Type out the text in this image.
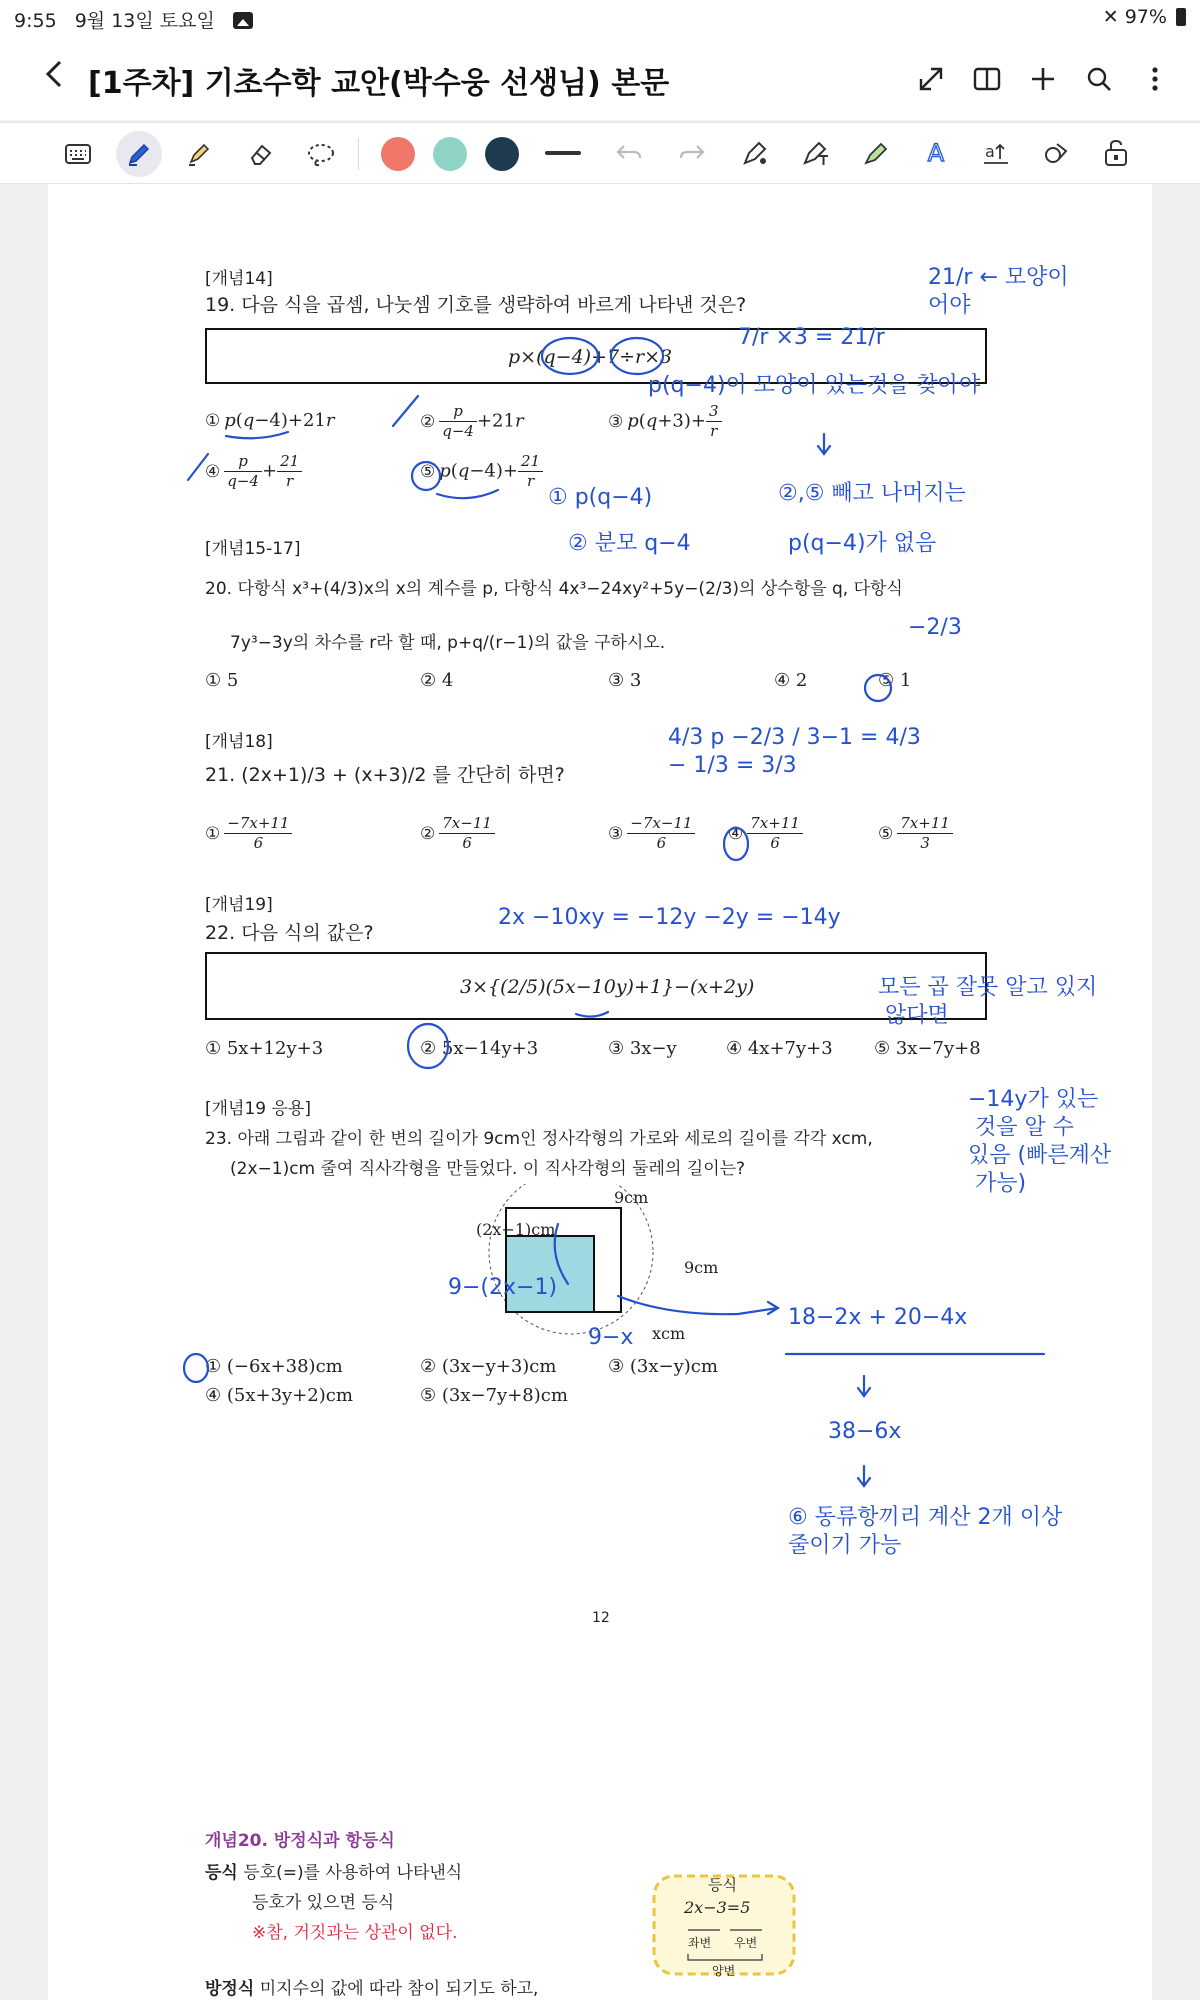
9:55 9월 13일 토요일	✕ 97%
[1주차] 기초수학 교안(박수웅 선생님) 본문
A	a
[개념14]
19. 다음 식을 곱셈, 나눗셈 기호를 생략하여 바르게 나타낸 것은?
p×(q−4)+7÷r×3
① p(q−4)+21r	② $\frac{p}{q-4} +21r$	③ $p(q+3)+ \frac{3}{r}$
④ $\frac{p}{q-4} + \frac{21}{r}$	⑤ $p(q-4)+ \frac{21}{r}$
[개념15-17]
20. 다항식 x³+(4/3)x의 x의 계수를 p, 다항식 4x³−24xy²+5y−(2/3)의 상수항을 q, 다항식
7y³−3y의 차수를 r라 할 때, p+q/(r−1)의 값을 구하시오.
① 5	② 4	③ 3	④ 2	⑤ 1
[개념18]
21. (2x+1)/3 + (x+3)/2 를 간단히 하면?
① $\frac{-7x+11}{6}$	② $\frac{7x-11}{6}$	③ $\frac{-7x-11}{6}$ ④ $\frac{7x+11}{6}$	⑤ $\frac{7x+11}{3}$
[개념19]
22. 다음 식의 값은?
3×{(2/5)(5x−10y)+1}−(x+2y)
① 5x+12y+3	② 5x−14y+3	③ 3x−y	④ 4x+7y+3 ⑤ 3x−7y+8
[개념19 응용]
23. 아래 그림과 같이 한 변의 길이가 9cm인 정사각형의 가로와 세로의 길이를 각각 xcm,
(2x−1)cm 줄여 직사각형을 만들었다. 이 직사각형의 둘레의 길이는?
9cm
9cm
(2x−1)cm
xcm
① (−6x+38)cm	② (3x−y+3)cm	③ (3x−y)cm
④ (5x+3y+2)cm	⑤ (3x−7y+8)cm
12
개념20. 방정식과 항등식
등식 등호(=)를 사용하여 나타낸식
등호가 있으면 등식
※참, 거짓과는 상관이 없다.
방정식 미지수의 값에 따라 참이 되기도 하고,
등식
2x−3=5
좌변 우변
양변
21/r ← 모양이 어야
7/r ×3 = 21/r
p(q−4)이 모양이 있는것을 찾아야
②,⑤ 빼고 나머지는
① p(q−4)
② 분모 q−4	p(q−4)가 없음
−2/3
4/3 p −2/3 / 3−1 = 4/3 − 1/3 = 3/3
2x −10xy = −12y −2y = −14y
모든 곱 잘못 알고 있지 않다면
−14y가 있는 것을 알 수 있음 (빠른계산 가능)
9−(2x−1)
9−x
18−2x + 20−4x
38−6x
⑥ 동류항끼리 계산 2개 이상 줄이기 가능
